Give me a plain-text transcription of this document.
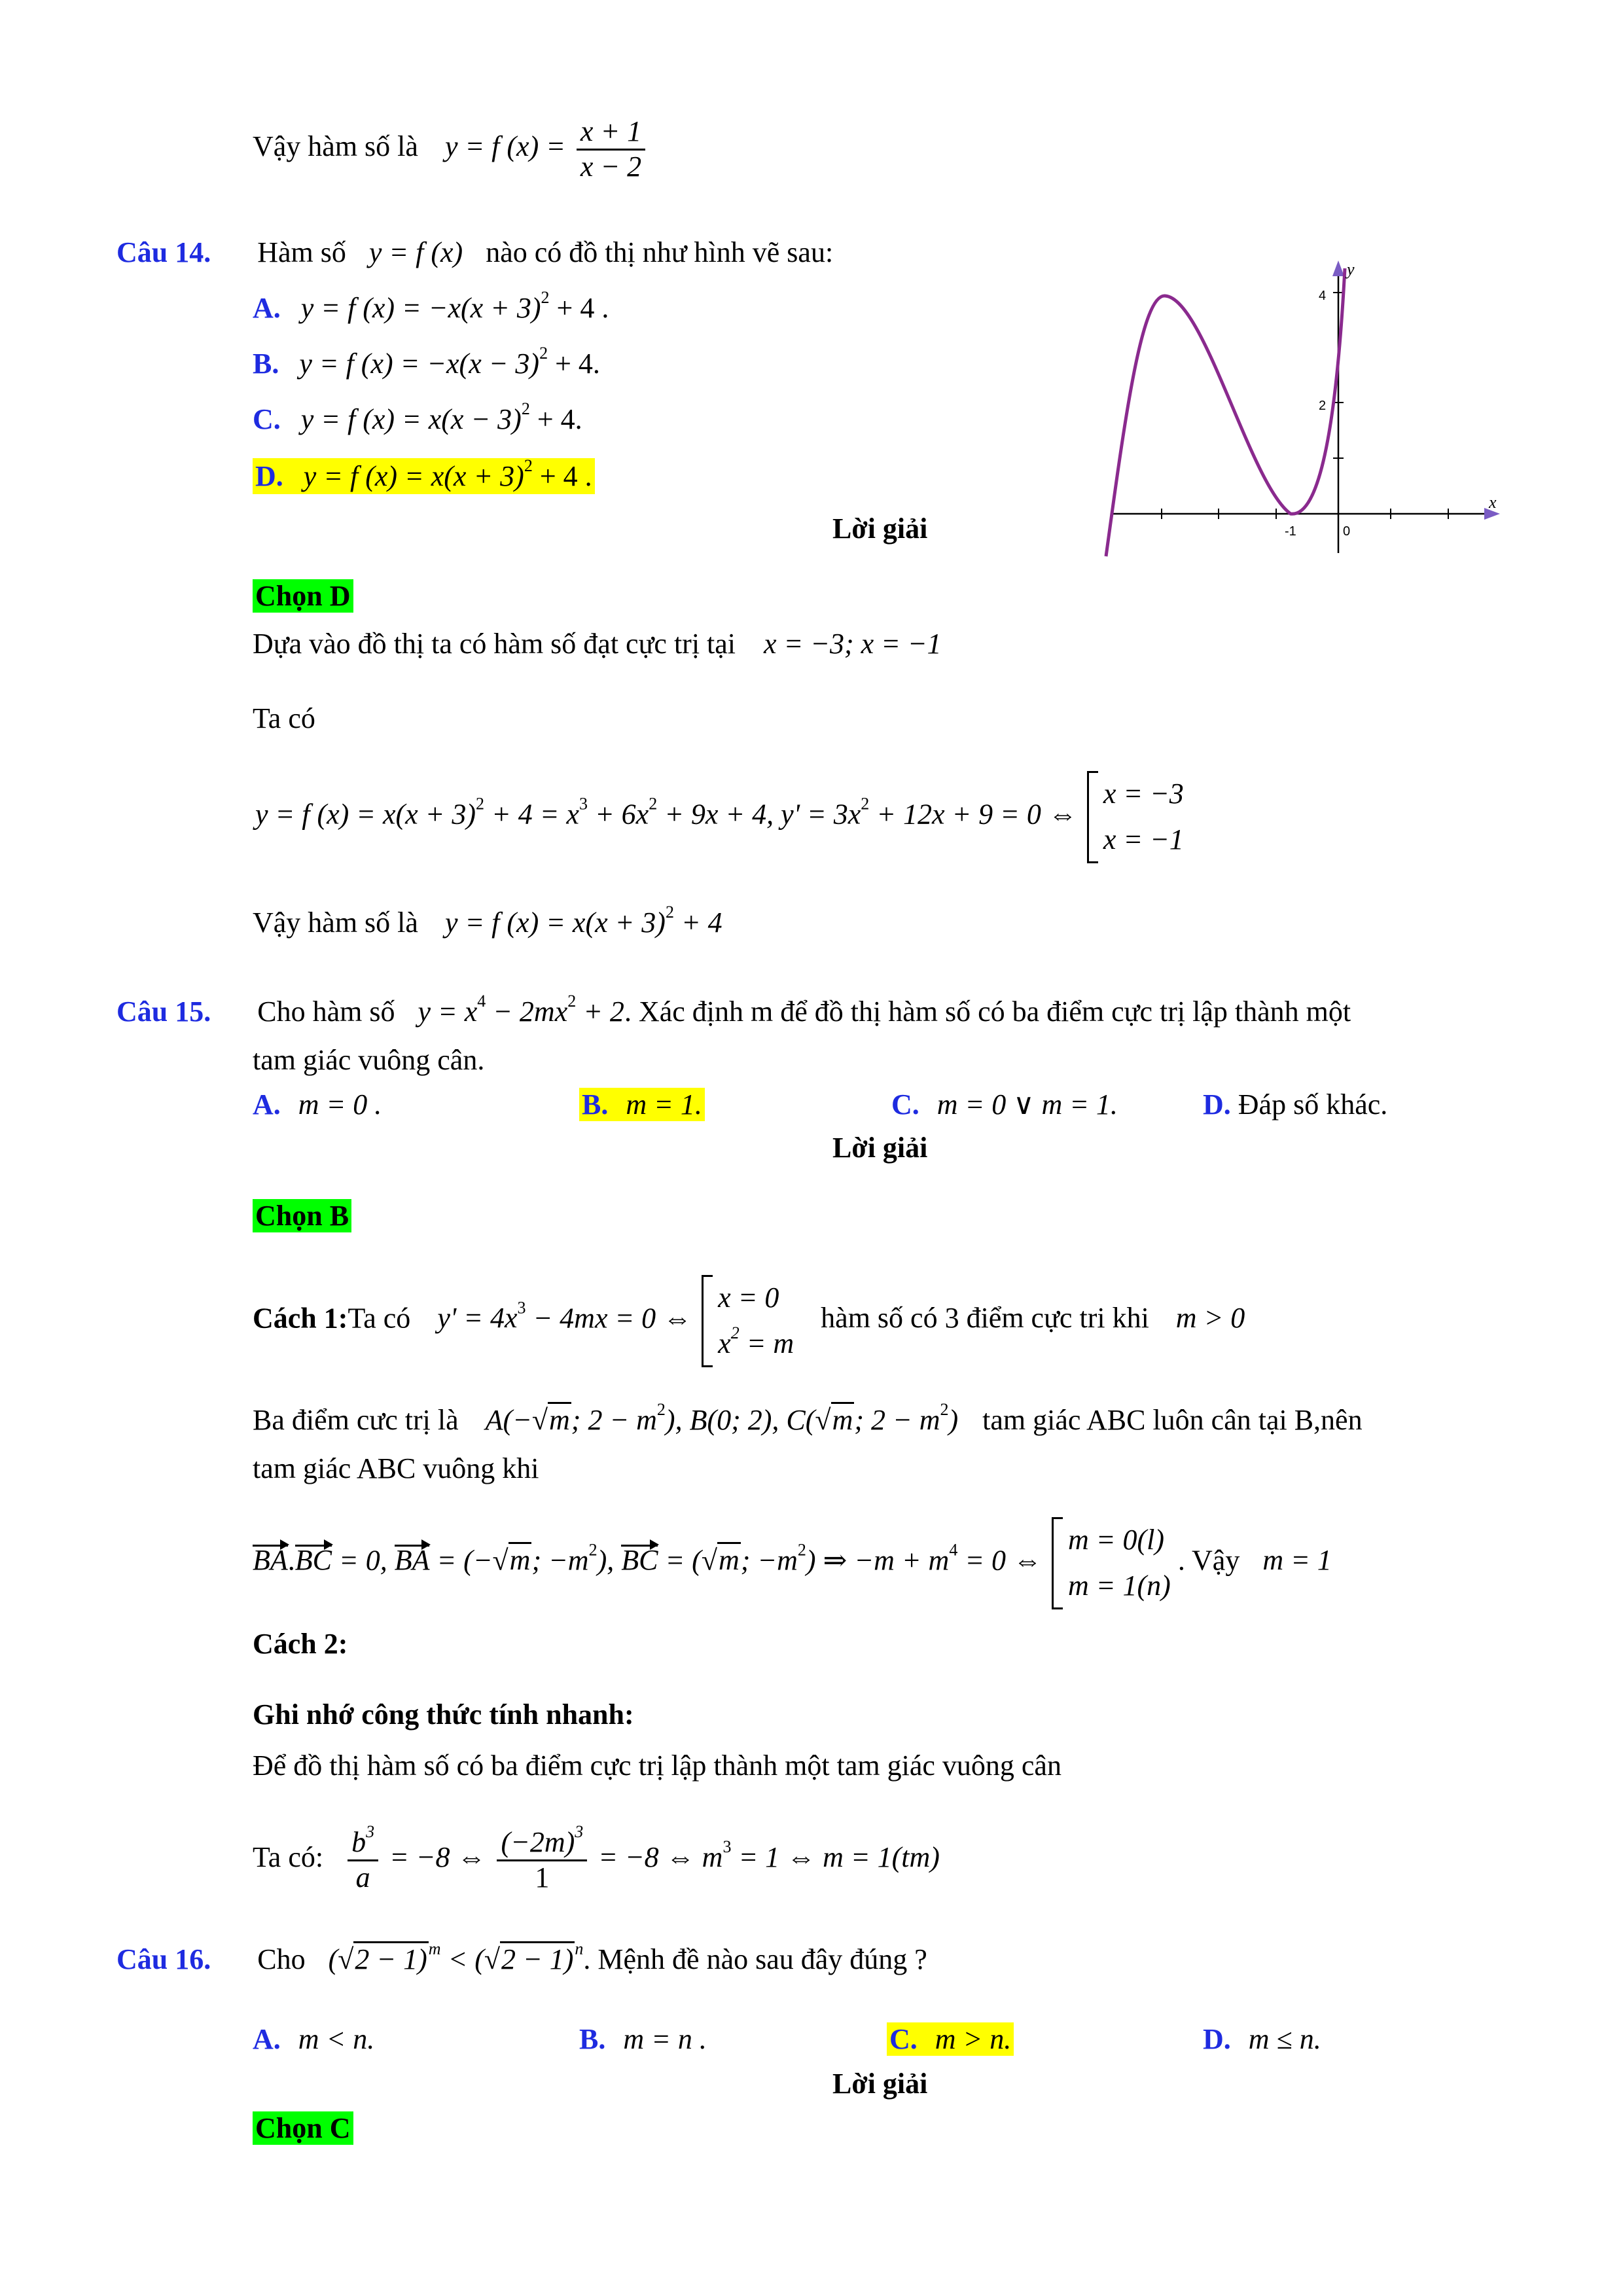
Vậy hàm số là y = f $(x) = \frac{x + 1}{x - 2}$
Câu 14. Hàm số y = f (x) nào có đồ thị như hình vẽ sau:
A. y = f $(x) = -x(x + 3)^2 + 4$ .
B. y = f $(x) = -x(x - 3)^2 + 4$.
C. y = f $(x) = x(x - 3)^2 + 4$.
D. y = f $(x) = x(x + 3)^2 + 4$ .
Lời giải
Chọn D
Dựa vào đồ thị ta có hàm số đạt cực trị tại x = −3; x = −1
Ta có
y = f $(x) = x(x + 3)^2 + 4 = x^3 + 6x^2 + 9x + 4$, $y' = 3x^2 + 12x + 9 = 0$ ⇔
x = −3
x = −1
Vậy hàm số là y = f $(x) = x(x + 3)^2 + 4$
x
y
4
2
-1	0
Câu 15. Cho hàm số $y = x^4 - 2mx^2 + 2$. Xác định m để đồ thị hàm số có ba điểm cực trị lập thành một
tam giác vuông cân.
A. m = 0 .	B. m = 1.	C. m = 0 ∨ m = 1.	D. Đáp số khác.
Lời giải
Chọn B
Cách 1:Ta có $y' = 4x^3 - 4mx = 0$ ⇔
x = 0
$x^2 = m$
hàm số có 3 điểm cực tri khi m > 0
Ba điểm cưc trị là A(−√m; $2 - m^2$), B(0; 2), C(√m; $2 - m^2$) tam giác ABC luôn cân tại B,nên
tam giác ABC vuông khi
BA.BC = 0, BA = (−√m; $-m^2$), BC = (√m; $-m^2$) ⇒ $-m + m^4 = 0$ ⇔
m = 0(l)
m = 1(n)
. Vậy m = 1
Cách 2:
Ghi nhớ công thức tính nhanh:
Để đồ thị hàm số có ba điểm cực trị lập thành một tam giác vuông cân
Ta có: $\frac{b^3}{a} = -8$ ⇔ $\frac{(-2m)^3}{1} = -8$ ⇔ $m^3 = 1$ ⇔ m = 1(tm)
Câu 16. Cho $(√2 - 1)^m < (√2 - 1)^n$. Mệnh đề nào sau đây đúng ?
A. m < n.	B. m = n .	C. m > n.	D. m ≤ n.
Lời giải
Chọn C
